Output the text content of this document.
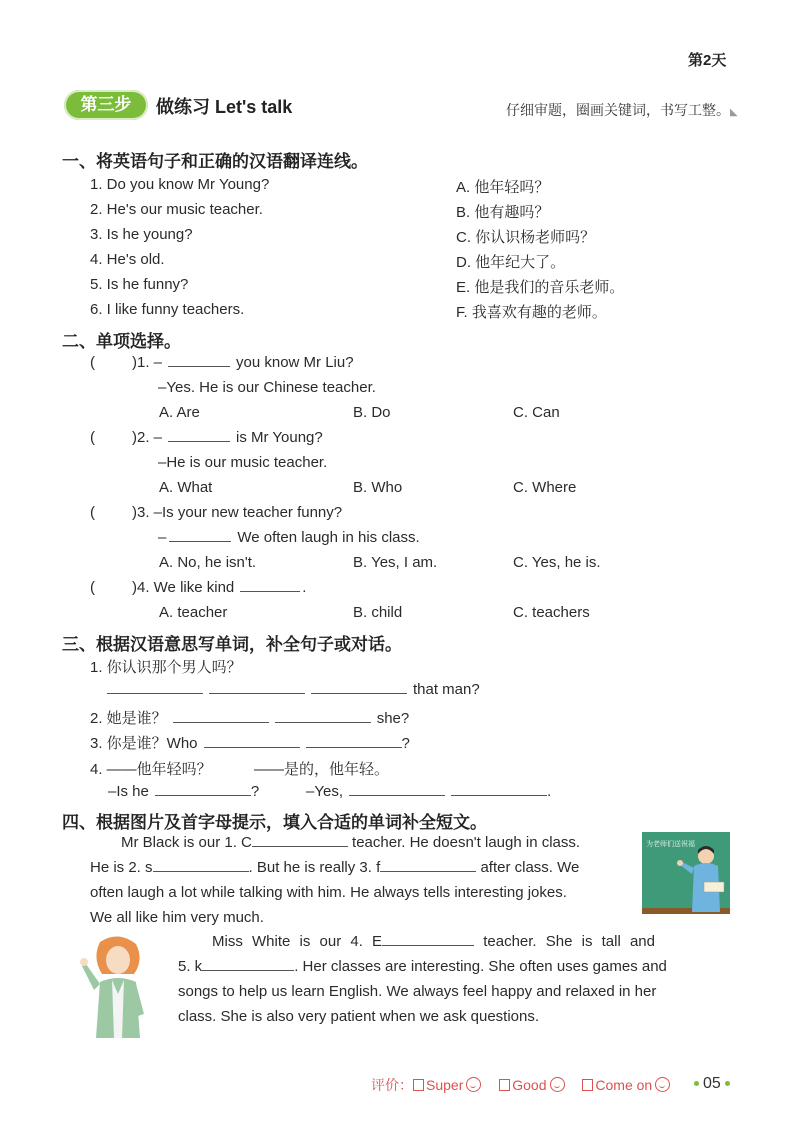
第2天
第三步	做练习 Let's talk	仔细审题，圈画关键词，书写工整。◣
一、将英语句子和正确的汉语翻译连线。
1. Do you know Mr Young?
2. He's our music teacher.
3. Is he young?
4. He's old.
5. Is he funny?
6. I like funny teachers.
A. 他年轻吗？
B. 他有趣吗？
C. 你认识杨老师吗？
D. 他年纪大了。
E. 他是我们的音乐老师。
F. 我喜欢有趣的老师。
二、单项选择。
( )1. –	you know Mr Liu?
–Yes. He is our Chinese teacher.
A. Are	B. Do	C. Can
( )2. –	is Mr Young?
–He is our music teacher.
A. What	B. Who	C. Where
( )3. –Is your new teacher funny?
–	We often laugh in his class.
A. No, he isn't.	B. Yes, I am.	C. Yes, he is.
( )4. We like kind	.
A. teacher	B. child	C. teachers
三、根据汉语意思写单词，补全句子或对话。
1. 你认识那个男人吗？
that man?
2. 她是谁？	she?
3. 你是谁？Who	?
4. ——他年轻吗？	——是的，他年轻。
–Is he	?	–Yes,	.
四、根据图片及首字母提示，填入合适的单词补全短文。
Mr Black is our 1. C	teacher. He doesn't laugh in class.
He is 2. s	. But he is really 3. f	after class. We
often laugh a lot while talking with him. He always tells interesting jokes.
We all like him very much.
为老师们送祝福
Miss White is our 4. E	teacher. She is tall and
5. k	. Her classes are interesting. She often uses games and
songs to help us learn English. We always feel happy and relaxed in her
class. She is also very patient when we ask questions.
评价： Super	Good	Come on	05
